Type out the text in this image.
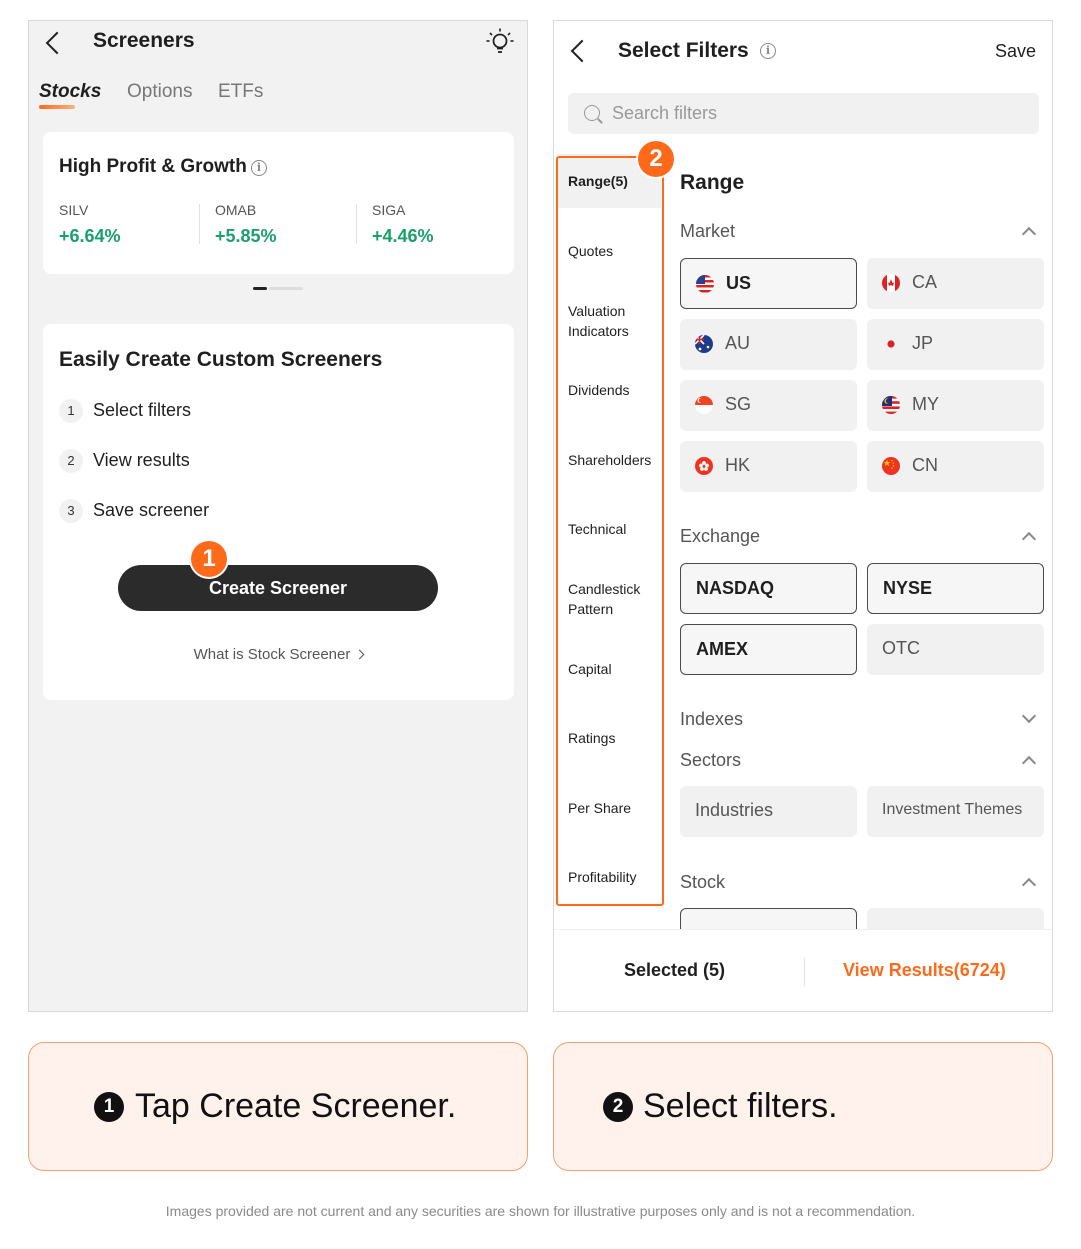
Screeners
Stocks Options ETFs
High Profit & Growth i
SILV
+6.64%
OMAB
+5.85%
SIGA
+4.46%
Easily Create Custom Screeners
1	Select filters
2	View results
3	Save screener
Create Screener
1
What is Stock Screener
Select Filters	i	Save
Search filters
Range(5)
Quotes
Valuation Indicators
Dividends
Shareholders
Technical
Candlestick Pattern
Capital
Ratings
Per Share
Profitability
2
Range
Market
US	CA
AU	JP
SG	MY
HK	CN
Exchange
NASDAQ	NYSE
AMEX	OTC
Indexes
Sectors
Industries	Investment Themes
Stock
Selected (5)	View Results(6724)
1 Tap Create Screener.	2 Select filters.
Images provided are not current and any securities are shown for illustrative purposes only and is not a recommendation.
